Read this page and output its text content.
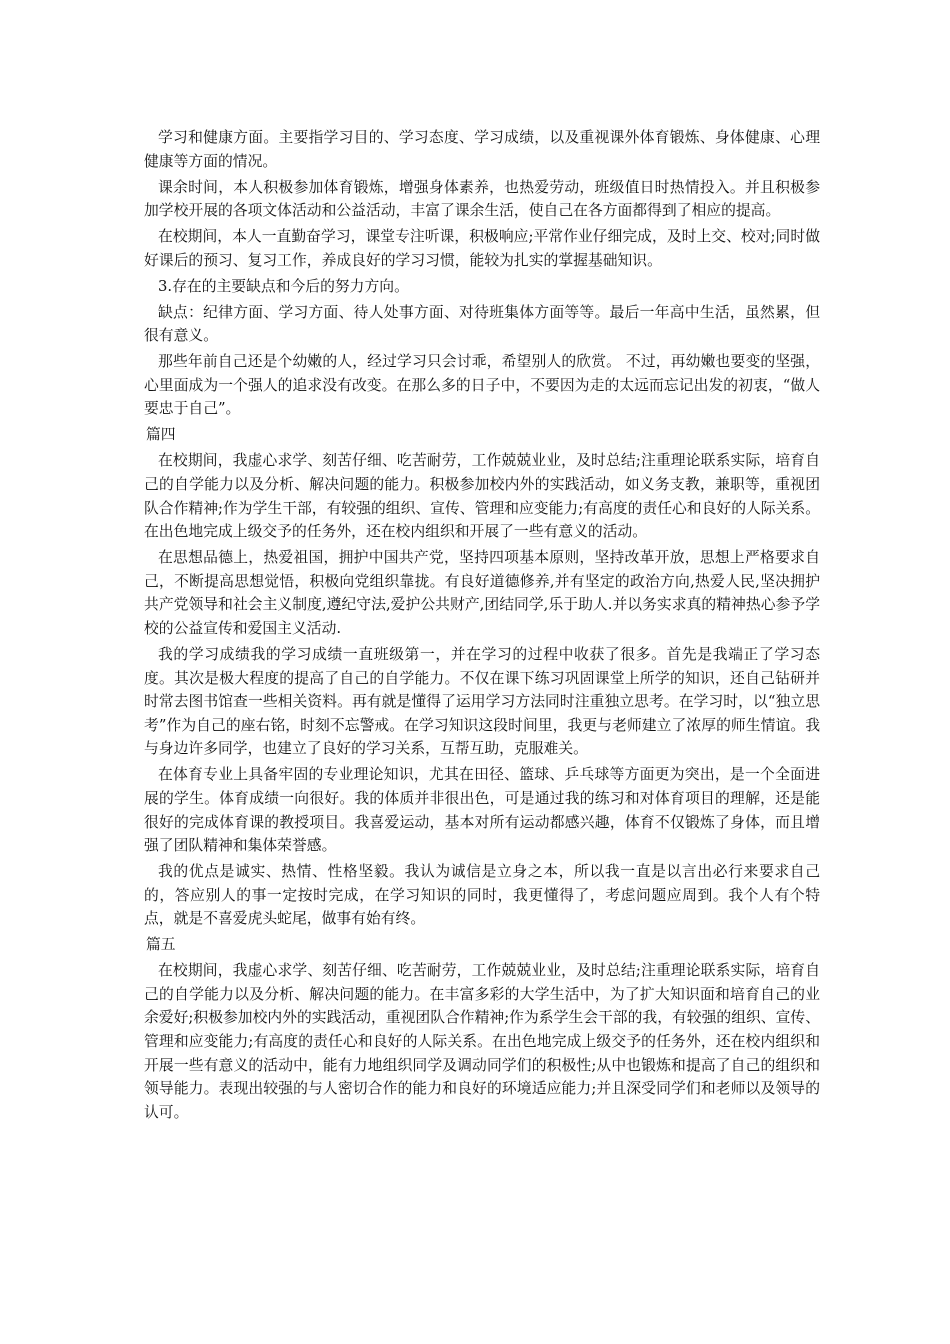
学习和健康方面。主要指学习目的、学习态度、学习成绩，以及重视课外体育锻炼、身体健康、心理健康等方面的情况。

课余时间，本人积极参加体育锻炼，增强身体素养，也热爱劳动，班级值日时热情投入。并且积极参加学校开展的各项文体活动和公益活动，丰富了课余生活，使自己在各方面都得到了相应的提高。

在校期间，本人一直勤奋学习，课堂专注听课，积极响应;平常作业仔细完成，及时上交、校对;同时做好课后的预习、复习工作，养成良好的学习习惯，能较为扎实的掌握基础知识。

3.存在的主要缺点和今后的努力方向。

缺点：纪律方面、学习方面、待人处事方面、对待班集体方面等等。最后一年高中生活，虽然累，但很有意义。

那些年前自己还是个幼嫩的人，经过学习只会讨乖，希望别人的欣赏。 不过，再幼嫩也要变的坚强，心里面成为一个强人的追求没有改变。在那么多的日子中，不要因为走的太远而忘记出发的初衷，“做人要忠于自己”。

篇四

在校期间，我虚心求学、刻苦仔细、吃苦耐劳，工作兢兢业业，及时总结;注重理论联系实际，培育自己的自学能力以及分析、解决问题的能力。积极参加校内外的实践活动，如义务支教，兼职等，重视团队合作精神;作为学生干部，有较强的组织、宣传、管理和应变能力;有高度的责任心和良好的人际关系。在出色地完成上级交予的任务外，还在校内组织和开展了一些有意义的活动。

在思想品德上，热爱祖国，拥护中国共产党，坚持四项基本原则，坚持改革开放，思想上严格要求自己，不断提高思想觉悟，积极向党组织靠拢。有良好道德修养,并有坚定的政治方向,热爱人民,坚决拥护共产党领导和社会主义制度,遵纪守法,爱护公共财产,团结同学,乐于助人.并以务实求真的精神热心参予学校的公益宣传和爱国主义活动.

我的学习成绩我的学习成绩一直班级第一，并在学习的过程中收获了很多。首先是我端正了学习态度。其次是极大程度的提高了自己的自学能力。不仅在课下练习巩固课堂上所学的知识，还自己钻研并时常去图书馆查一些相关资料。再有就是懂得了运用学习方法同时注重独立思考。在学习时，以“独立思考”作为自己的座右铭，时刻不忘警戒。在学习知识这段时间里，我更与老师建立了浓厚的师生情谊。我与身边许多同学，也建立了良好的学习关系，互帮互助，克服难关。

在体育专业上具备牢固的专业理论知识，尤其在田径、篮球、乒乓球等方面更为突出，是一个全面进展的学生。体育成绩一向很好。我的体质并非很出色，可是通过我的练习和对体育项目的理解，还是能很好的完成体育课的教授项目。我喜爱运动，基本对所有运动都感兴趣，体育不仅锻炼了身体，而且增强了团队精神和集体荣誉感。

我的优点是诚实、热情、性格坚毅。我认为诚信是立身之本，所以我一直是以言出必行来要求自己的，答应别人的事一定按时完成，在学习知识的同时，我更懂得了，考虑问题应周到。我个人有个特点，就是不喜爱虎头蛇尾，做事有始有终。

篇五

在校期间，我虚心求学、刻苦仔细、吃苦耐劳，工作兢兢业业，及时总结;注重理论联系实际，培育自己的自学能力以及分析、解决问题的能力。在丰富多彩的大学生活中，为了扩大知识面和培育自己的业余爱好;积极参加校内外的实践活动，重视团队合作精神;作为系学生会干部的我，有较强的组织、宣传、管理和应变能力;有高度的责任心和良好的人际关系。在出色地完成上级交予的任务外，还在校内组织和开展一些有意义的活动中，能有力地组织同学及调动同学们的积极性;从中也锻炼和提高了自己的组织和领导能力。表现出较强的与人密切合作的能力和良好的环境适应能力;并且深受同学们和老师以及领导的认可。
